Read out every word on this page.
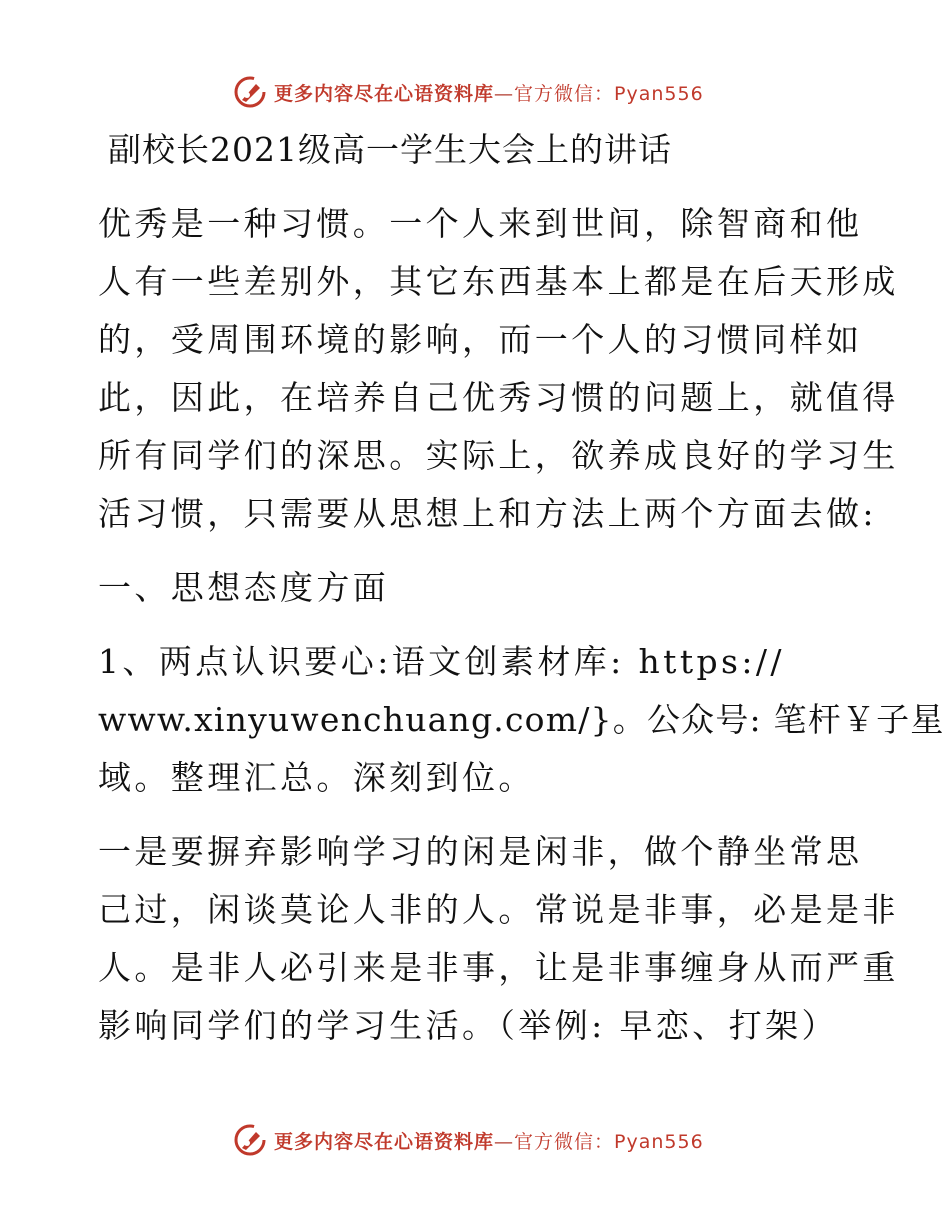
更多内容尽在心语资料库—官方微信：Pyan556
副校长2021级高一学生大会上的讲话
优秀是一种习惯。一个人来到世间，除智商和他
人有一些差别外，其它东西基本上都是在后天形成
的，受周围环境的影响，而一个人的习惯同样如
此，因此，在培养自己优秀习惯的问题上，就值得
所有同学们的深思。实际上，欲养成良好的学习生
活习惯，只需要从思想上和方法上两个方面去做:
一、思想态度方面
1、两点认识要心:语文创素材库: https://
www.xinyuwenchuang.com/}。公众号: 笔杆￥子星
域。整理汇总。深刻到位。
一是要摒弃影响学习的闲是闲非，做个静坐常思
己过，闲谈莫论人非的人。常说是非事，必是是非
人。是非人必引来是非事，让是非事缠身从而严重
影响同学们的学习生活。（举例: 早恋、打架）
更多内容尽在心语资料库—官方微信：Pyan556
